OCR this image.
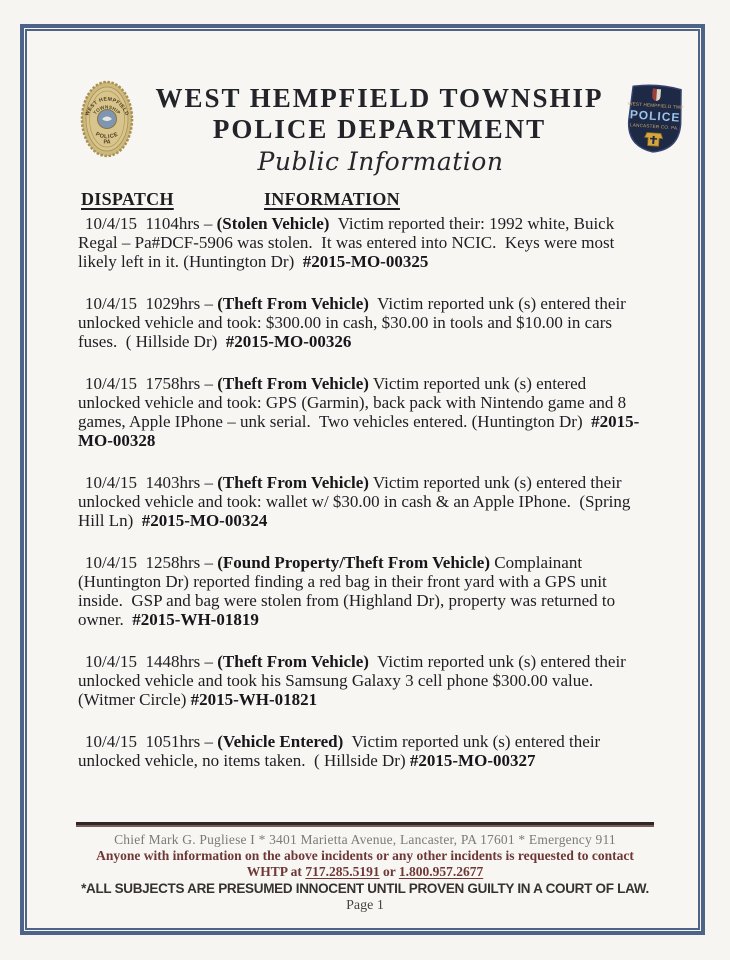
WEST HEMPFIELD
TOWNSHIP
POLICE
PA
WEST HEMPFIELD TOWNSHIP
POLICE DEPARTMENT
Public Information
WEST HEMPFIELD TWP
POLICE
LANCASTER CO. PA.
DISPATCH	INFORMATION

10/4/15  1104hrs – (Stolen Vehicle)  Victim reported their: 1992 white, Buick Regal – Pa#DCF-5906 was stolen.  It was entered into NCIC.  Keys were most likely left in it. (Huntington Dr)  #2015-MO-00325

10/4/15  1029hrs – (Theft From Vehicle)  Victim reported unk (s) entered their unlocked vehicle and took: $300.00 in cash, $30.00 in tools and $10.00 in cars fuses.  ( Hillside Dr)  #2015-MO-00326

10/4/15  1758hrs – (Theft From Vehicle) Victim reported unk (s) entered unlocked vehicle and took: GPS (Garmin), back pack with Nintendo game and 8 games, Apple IPhone – unk serial.  Two vehicles entered. (Huntington Dr)  #2015-MO-00328

10/4/15  1403hrs – (Theft From Vehicle) Victim reported unk (s) entered their unlocked vehicle and took: wallet w/ $30.00 in cash & an Apple IPhone.  (Spring Hill Ln)  #2015-MO-00324

10/4/15  1258hrs – (Found Property/Theft From Vehicle) Complainant (Huntington Dr) reported finding a red bag in their front yard with a GPS unit inside.  GSP and bag were stolen from (Highland Dr), property was returned to owner.  #2015-WH-01819

10/4/15  1448hrs – (Theft From Vehicle)  Victim reported unk (s) entered their unlocked vehicle and took his Samsung Galaxy 3 cell phone $300.00 value. (Witmer Circle) #2015-WH-01821

10/4/15  1051hrs – (Vehicle Entered)  Victim reported unk (s) entered their unlocked vehicle, no items taken.  ( Hillside Dr) #2015-MO-00327

Chief Mark G. Pugliese I * 3401 Marietta Avenue, Lancaster, PA 17601 * Emergency 911
Anyone with information on the above incidents or any other incidents is requested to contact
WHTP at 717.285.5191 or 1.800.957.2677
*ALL SUBJECTS ARE PRESUMED INNOCENT UNTIL PROVEN GUILTY IN A COURT OF LAW.
Page 1
